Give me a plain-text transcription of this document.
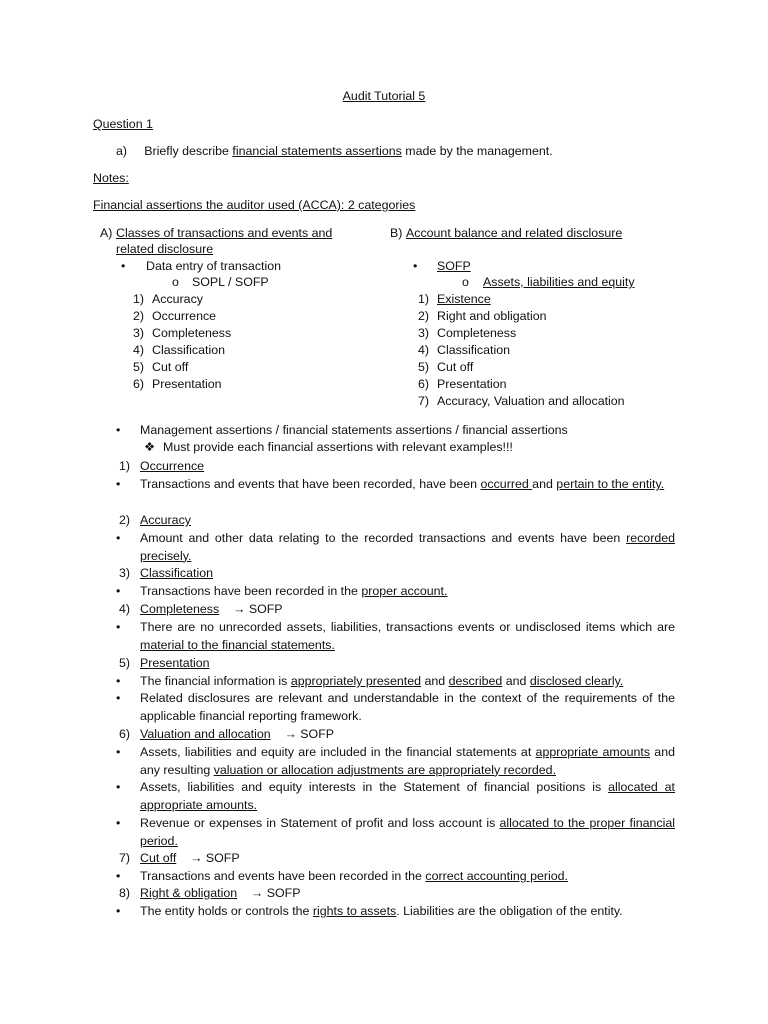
Audit Tutorial 5
Question 1
a) Briefly describe financial statements assertions made by the management.
Notes:
Financial assertions the auditor used (ACCA): 2 categories
A) Classes of transactions and events and
related disclosure
• Data entry of transaction
o SOPL / SOFP
1) Accuracy
2) Occurrence
3) Completeness
4) Classification
5) Cut off
6) Presentation
B) Account balance and related disclosure
• SOFP
o Assets, liabilities and equity
1) Existence
2) Right and obligation
3) Completeness
4) Classification
5) Cut off
6) Presentation
7) Accuracy, Valuation and allocation
• Management assertions / financial statements assertions / financial assertions
❖ Must provide each financial assertions with relevant examples!!!
1) Occurrence
• Transactions and events that have been recorded, have been occurred and pertain to the entity.
2) Accuracy
• Amount and other data relating to the recorded transactions and events have been recorded precisely.
3) Classification
• Transactions have been recorded in the proper account.
4) Completeness → SOFP
• There are no unrecorded assets, liabilities, transactions events or undisclosed items which are material to the financial statements.
5) Presentation
• The financial information is appropriately presented and described and disclosed clearly.
• Related disclosures are relevant and understandable in the context of the requirements of the applicable financial reporting framework.
6) Valuation and allocation → SOFP
• Assets, liabilities and equity are included in the financial statements at appropriate amounts and any resulting valuation or allocation adjustments are appropriately recorded.
• Assets, liabilities and equity interests in the Statement of financial positions is allocated at appropriate amounts.
• Revenue or expenses in Statement of profit and loss account is allocated to the proper financial period.
7) Cut off → SOFP
• Transactions and events have been recorded in the correct accounting period.
8) Right & obligation → SOFP
• The entity holds or controls the rights to assets. Liabilities are the obligation of the entity.
